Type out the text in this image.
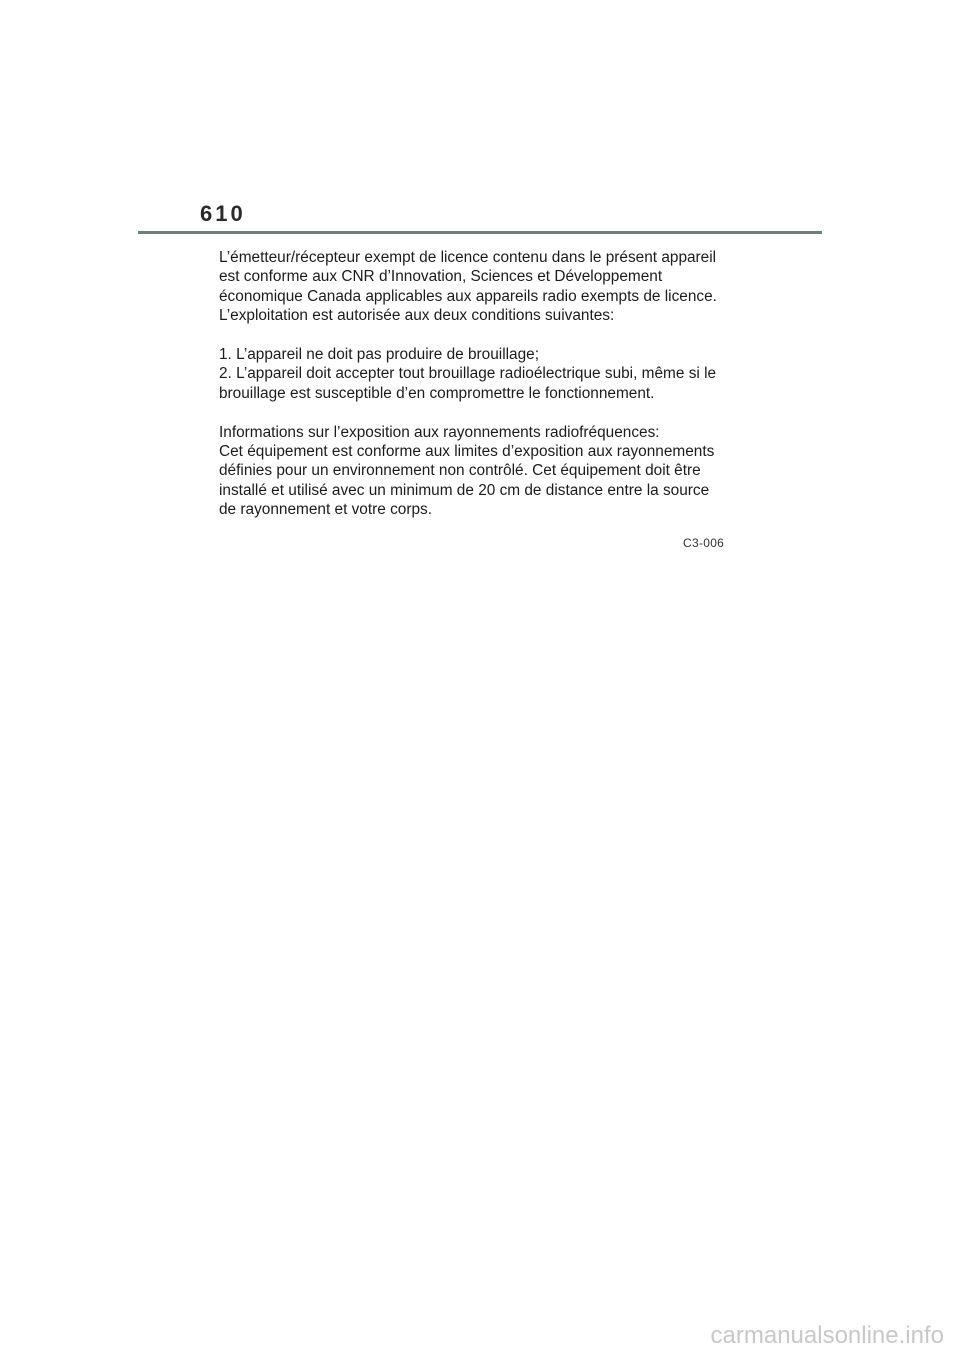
610

L’émetteur/récepteur exempt de licence contenu dans le présent appareil
est conforme aux CNR d’Innovation, Sciences et Développement
économique Canada applicables aux appareils radio exempts de licence.
L’exploitation est autorisée aux deux conditions suivantes:

1. L’appareil ne doit pas produire de brouillage;
2. L’appareil doit accepter tout brouillage radioélectrique subi, même si le
brouillage est susceptible d’en compromettre le fonctionnement.

Informations sur l’exposition aux rayonnements radiofréquences:
Cet équipement est conforme aux limites d’exposition aux rayonnements
définies pour un environnement non contrôlé. Cet équipement doit être
installé et utilisé avec un minimum de 20 cm de distance entre la source
de rayonnement et votre corps.

C3-006
carmanualsonline.info
